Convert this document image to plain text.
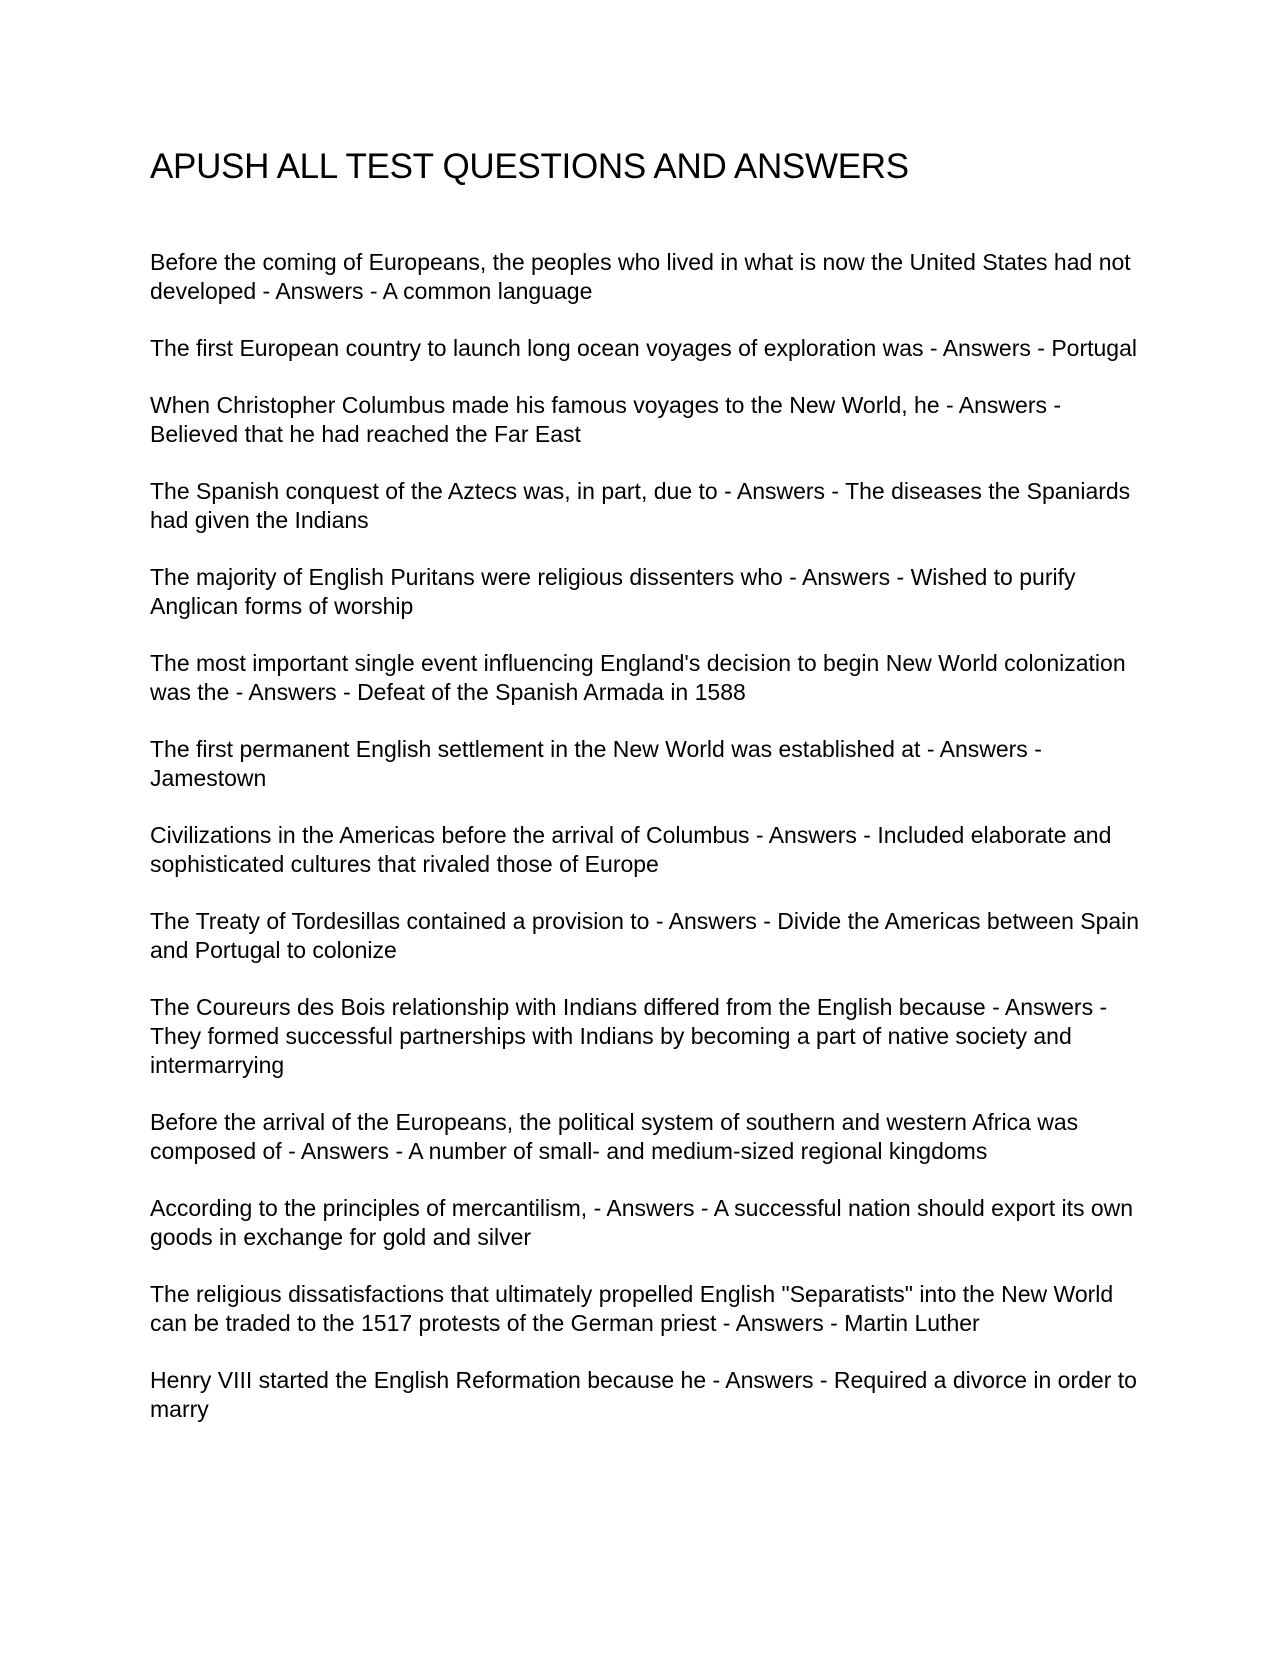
APUSH ALL TEST QUESTIONS AND ANSWERS
Before the coming of Europeans, the peoples who lived in what is now the United States had not developed - Answers - A common language
The first European country to launch long ocean voyages of exploration was - Answers - Portugal
When Christopher Columbus made his famous voyages to the New World, he - Answers - Believed that he had reached the Far East
The Spanish conquest of the Aztecs was, in part, due to - Answers - The diseases the Spaniards had given the Indians
The majority of English Puritans were religious dissenters who - Answers - Wished to purify Anglican forms of worship
The most important single event influencing England's decision to begin New World colonization was the - Answers - Defeat of the Spanish Armada in 1588
The first permanent English settlement in the New World was established at - Answers - Jamestown
Civilizations in the Americas before the arrival of Columbus - Answers - Included elaborate and sophisticated cultures that rivaled those of Europe
The Treaty of Tordesillas contained a provision to - Answers - Divide the Americas between Spain and Portugal to colonize
The Coureurs des Bois relationship with Indians differed from the English because - Answers - They formed successful partnerships with Indians by becoming a part of native society and intermarrying
Before the arrival of the Europeans, the political system of southern and western Africa was composed of - Answers - A number of small- and medium-sized regional kingdoms
According to the principles of mercantilism, - Answers - A successful nation should export its own goods in exchange for gold and silver
The religious dissatisfactions that ultimately propelled English "Separatists" into the New World can be traded to the 1517 protests of the German priest - Answers - Martin Luther
Henry VIII started the English Reformation because he - Answers - Required a divorce in order to marry
